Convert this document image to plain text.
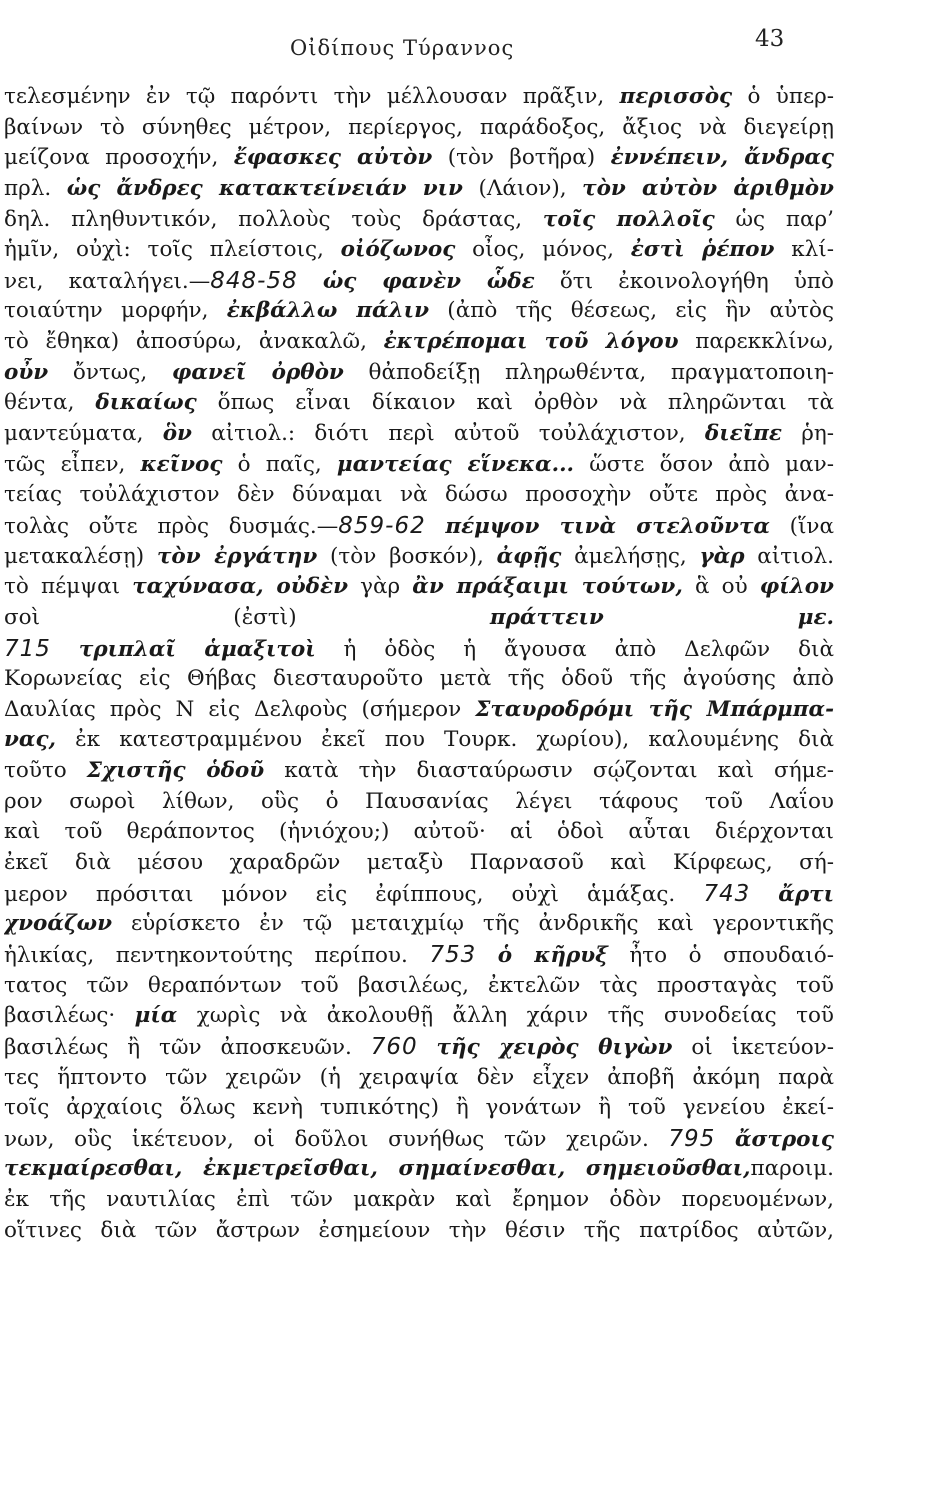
Οἰδίπους Τύραννος	43
τελεσμένην ἐν τῷ παρόντι τὴν μέλλουσαν πρᾶξιν, περισσὸς ὁ ὑπερ-
βαίνων τὸ σύνηθες μέτρον, περίεργος, παράδοξος, ἄξιος νὰ διεγείρῃ
μείζονα προσοχήν, ἔφασκες αὐτὸν (τὸν βοτῆρα) ἐννέπειν, ἄνδρας
πρλ. ὡς ἄνδρες κατακτείνειάν νιν (Λάιον), τὸν αὐτὸν ἀριθμὸν
δηλ. πληθυντικόν, πολλοὺς τοὺς δράστας, τοῖς πολλοῖς ὡς παρ’
ἡμῖν, οὐχὶ: τοῖς πλείστοις, οἰόζωνος οἶος, μόνος, ἐστὶ ῥέπον κλί-
νει, καταλήγει.—848-58 ὡς φανὲν ὧδε ὅτι ἐκοινολογήθη ὑπὸ
τοιαύτην μορφήν, ἐκβάλλω πάλιν (ἀπὸ τῆς θέσεως, εἰς ἣν αὐτὸς
τὸ ἔθηκα) ἀποσύρω, ἀνακαλῶ, ἐκτρέπομαι τοῦ λόγου παρεκκλίνω,
οὖν ὄντως, φανεῖ ὀρθὸν θἀποδείξῃ πληρωθέντα, πραγματοποιη-
θέντα, δικαίως ὅπως εἶναι δίκαιον καὶ ὀρθὸν νὰ πληρῶνται τὰ
μαντεύματα, ὃν αἰτιολ.: διότι περὶ αὐτοῦ τοὐλάχιστον, διεῖπε ῥη-
τῶς εἶπεν, κεῖνος ὁ παῖς, μαντείας εἵνεκα... ὥστε ὅσον ἀπὸ μαν-
τείας τοὐλάχιστον δὲν δύναμαι νὰ δώσω προσοχὴν οὔτε πρὸς ἀνα-
τολὰς οὔτε πρὸς δυσμάς.—859-62 πέμψον τινὰ στελοῦντα (ἵνα
μετακαλέσῃ) τὸν ἐργάτην (τὸν βοσκόν), ἀφῇς ἀμελήσῃς, γὰρ αἰτιολ.
τὸ πέμψαι ταχύνασα, οὐδὲν γὰρ ἂν πράξαιμι τούτων, ἃ οὐ φίλον
σοὶ (ἐστὶ) πράττειν με.
715 τριπλαῖ ἁμαξιτοὶ ἡ ὁδὸς ἡ ἄγουσα ἀπὸ Δελφῶν διὰ
Κορωνείας εἰς Θήβας διεσταυροῦτο μετὰ τῆς ὁδοῦ τῆς ἀγούσης ἀπὸ
Δαυλίας πρὸς Ν εἰς Δελφοὺς (σήμερον Σταυροδρόμι τῆς Μπάρμπα-
νας, ἐκ κατεστραμμένου ἐκεῖ που Τουρκ. χωρίου), καλουμένης διὰ
τοῦτο Σχιστῆς ὁδοῦ κατὰ τὴν διασταύρωσιν σῴζονται καὶ σήμε-
ρον σωροὶ λίθων, οὓς ὁ Παυσανίας λέγει τάφους τοῦ Λαΐου
καὶ τοῦ θεράποντος (ἡνιόχου;) αὐτοῦ· αἱ ὁδοὶ αὗται διέρχονται
ἐκεῖ διὰ μέσου χαραδρῶν μεταξὺ Παρνασοῦ καὶ Κίρφεως, σή-
μερον πρόσιται μόνον εἰς ἐφίππους, οὐχὶ ἁμάξας. 743 ἄρτι
χνοάζων εὑρίσκετο ἐν τῷ μεταιχμίῳ τῆς ἀνδρικῆς καὶ γεροντικῆς
ἡλικίας, πεντηκοντούτης περίπου. 753 ὁ κῆρυξ ἦτο ὁ σπουδαιό-
τατος τῶν θεραπόντων τοῦ βασιλέως, ἐκτελῶν τὰς προσταγὰς τοῦ
βασιλέως· μία χωρὶς νὰ ἀκολουθῇ ἄλλη χάριν τῆς συνοδείας τοῦ
βασιλέως ἢ τῶν ἀποσκευῶν. 760 τῆς χειρὸς θιγὼν οἱ ἱκετεύον-
τες ἥπτοντο τῶν χειρῶν (ἡ χειραψία δὲν εἶχεν ἀποβῆ ἀκόμη παρὰ
τοῖς ἀρχαίοις ὅλως κενὴ τυπικότης) ἢ γονάτων ἢ τοῦ γενείου ἐκεί-
νων, οὓς ἱκέτευον, οἱ δοῦλοι συνήθως τῶν χειρῶν. 795 ἄστροις
τεκμαίρεσθαι, ἐκμετρεῖσθαι, σημαίνεσθαι, σημειοῦσθαι,παροιμ.
ἐκ τῆς ναυτιλίας ἐπὶ τῶν μακρὰν καὶ ἔρημον ὁδὸν πορευομένων,
οἵτινες διὰ τῶν ἄστρων ἐσημείουν τὴν θέσιν τῆς πατρίδος αὐτῶν,
